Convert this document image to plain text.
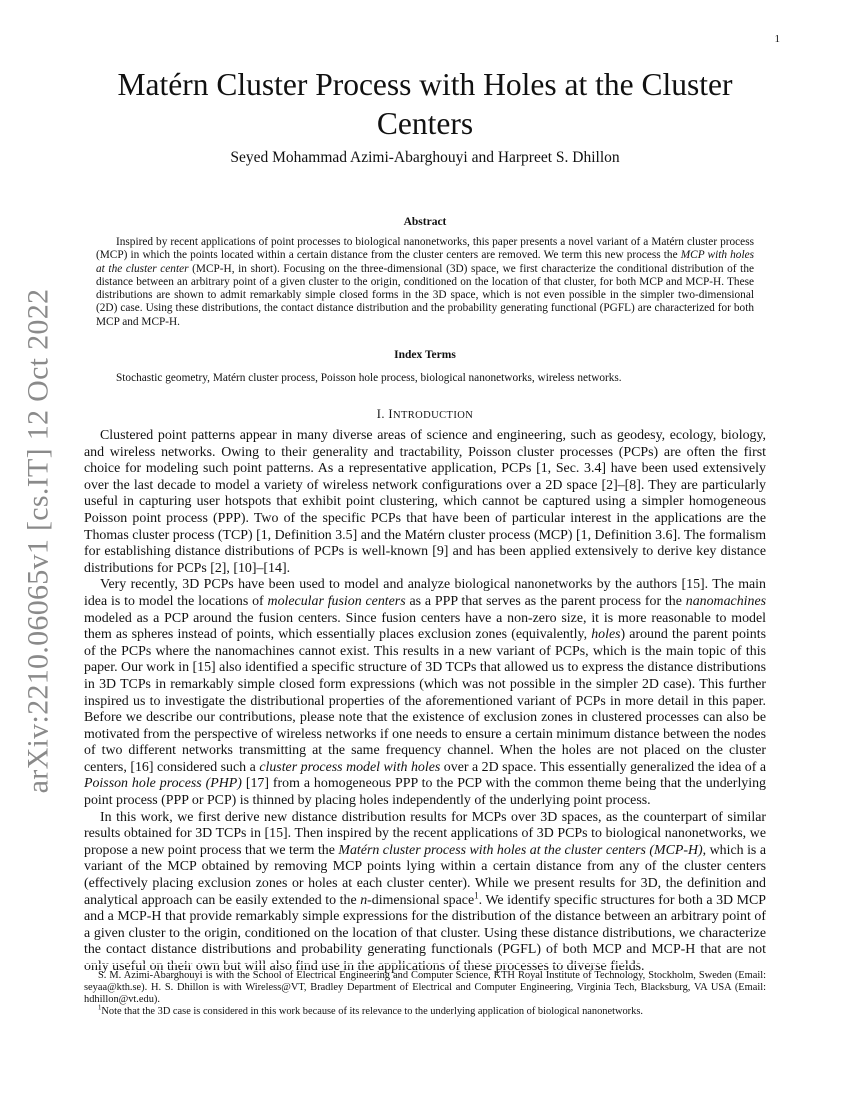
1
arXiv:2210.06065v1 [cs.IT] 12 Oct 2022
Matérn Cluster Process with Holes at the Cluster Centers
Seyed Mohammad Azimi-Abarghouyi and Harpreet S. Dhillon
Abstract

Inspired by recent applications of point processes to biological nanonetworks, this paper presents a novel variant of a Matérn cluster process (MCP) in which the points located within a certain distance from the cluster centers are removed. We term this new process the MCP with holes at the cluster center (MCP-H, in short). Focusing on the three-dimensional (3D) space, we first characterize the conditional distribution of the distance between an arbitrary point of a given cluster to the origin, conditioned on the location of that cluster, for both MCP and MCP-H. These distributions are shown to admit remarkably simple closed forms in the 3D space, which is not even possible in the simpler two-dimensional (2D) case. Using these distributions, the contact distance distribution and the probability generating functional (PGFL) are characterized for both MCP and MCP-H.

Index Terms

Stochastic geometry, Matérn cluster process, Poisson hole process, biological nanonetworks, wireless networks.

I. INTRODUCTION

Clustered point patterns appear in many diverse areas of science and engineering, such as geodesy, ecology, biology, and wireless networks. Owing to their generality and tractability, Poisson cluster processes (PCPs) are often the first choice for modeling such point patterns. As a representative application, PCPs [1, Sec. 3.4] have been used extensively over the last decade to model a variety of wireless network configurations over a 2D space [2]–[8]. They are particularly useful in capturing user hotspots that exhibit point clustering, which cannot be captured using a simpler homogeneous Poisson point process (PPP). Two of the specific PCPs that have been of particular interest in the applications are the Thomas cluster process (TCP) [1, Definition 3.5] and the Matérn cluster process (MCP) [1, Definition 3.6]. The formalism for establishing distance distributions of PCPs is well-known [9] and has been applied extensively to derive key distance distributions for PCPs [2], [10]–[14].

Very recently, 3D PCPs have been used to model and analyze biological nanonetworks by the authors [15]. The main idea is to model the locations of molecular fusion centers as a PPP that serves as the parent process for the nanomachines modeled as a PCP around the fusion centers. Since fusion centers have a non-zero size, it is more reasonable to model them as spheres instead of points, which essentially places exclusion zones (equivalently, holes) around the parent points of the PCPs where the nanomachines cannot exist. This results in a new variant of PCPs, which is the main topic of this paper. Our work in [15] also identified a specific structure of 3D TCPs that allowed us to express the distance distributions in 3D TCPs in remarkably simple closed form expressions (which was not possible in the simpler 2D case). This further inspired us to investigate the distributional properties of the aforementioned variant of PCPs in more detail in this paper. Before we describe our contributions, please note that the existence of exclusion zones in clustered processes can also be motivated from the perspective of wireless networks if one needs to ensure a certain minimum distance between the nodes of two different networks transmitting at the same frequency channel. When the holes are not placed on the cluster centers, [16] considered such a cluster process model with holes over a 2D space. This essentially generalized the idea of a Poisson hole process (PHP) [17] from a homogeneous PPP to the PCP with the common theme being that the underlying point process (PPP or PCP) is thinned by placing holes independently of the underlying point process.

In this work, we first derive new distance distribution results for MCPs over 3D spaces, as the counterpart of similar results obtained for 3D TCPs in [15]. Then inspired by the recent applications of 3D PCPs to biological nanonetworks, we propose a new point process that we term the Matérn cluster process with holes at the cluster centers (MCP-H), which is a variant of the MCP obtained by removing MCP points lying within a certain distance from any of the cluster centers (effectively placing exclusion zones or holes at each cluster center). While we present results for 3D, the definition and analytical approach can be easily extended to the n-dimensional space$^1$. We identify specific structures for both a 3D MCP and a MCP-H that provide remarkably simple expressions for the distribution of the distance between an arbitrary point of a given cluster to the origin, conditioned on the location of that cluster. Using these distance distributions, we characterize the contact distance distributions and probability generating functionals (PGFL) of both MCP and MCP-H that are not only useful on their own but will also find use in the applications of these processes to diverse fields.

S. M. Azimi-Abarghouyi is with the School of Electrical Engineering and Computer Science, KTH Royal Institute of Technology, Stockholm, Sweden (Email: seyaa@kth.se). H. S. Dhillon is with Wireless@VT, Bradley Department of Electrical and Computer Engineering, Virginia Tech, Blacksburg, VA USA (Email: hdhillon@vt.edu).

$^1$Note that the 3D case is considered in this work because of its relevance to the underlying application of biological nanonetworks.
